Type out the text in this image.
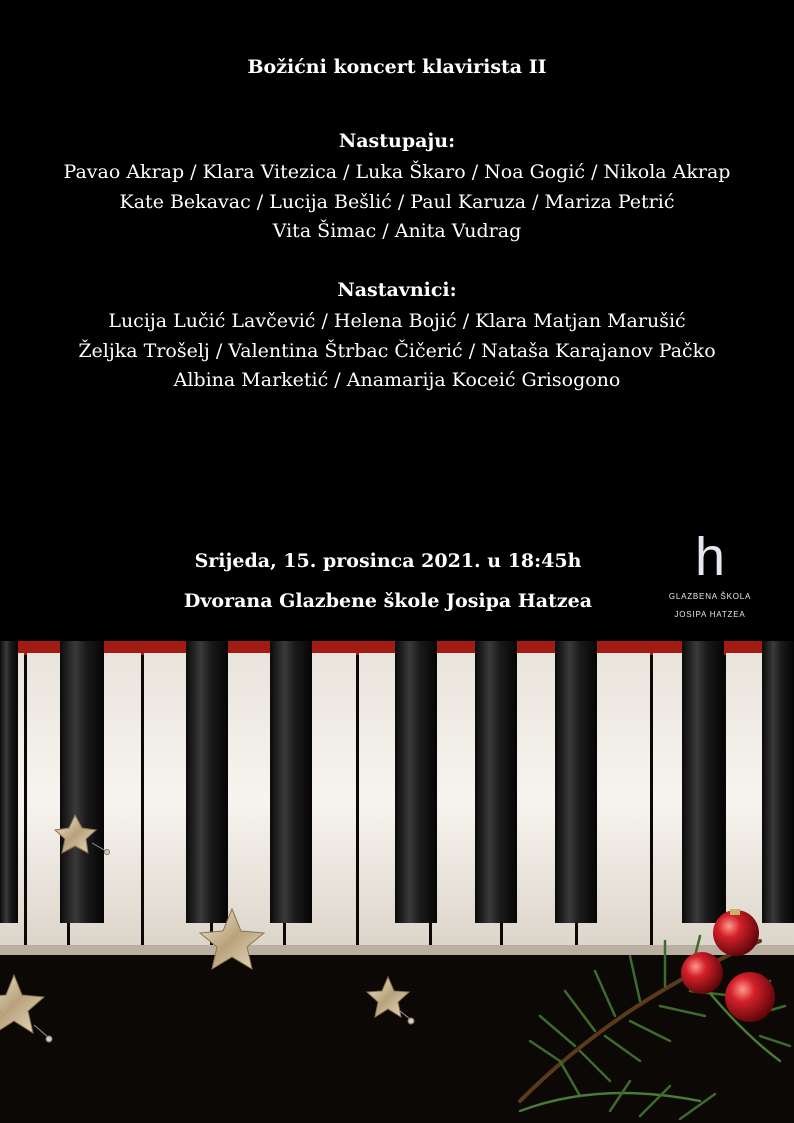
Božićni koncert klavirista II
Nastupaju:
Pavao Akrap / Klara Vitezica / Luka Škaro / Noa Gogić / Nikola Akrap
Kate Bekavac / Lucija Bešlić / Paul Karuza / Mariza Petrić
Vita Šimac / Anita Vudrag
Nastavnici:
Lucija Lučić Lavčević / Helena Bojić / Klara Matjan Marušić
Željka Trošelj / Valentina Štrbac Čičerić / Nataša Karajanov Pačko
Albina Marketić / Anamarija Koceić Grisogono
Srijeda, 15. prosinca 2021. u 18:45h
Dvorana Glazbene škole Josipa Hatzea
h
GLAZBENA ŠKOLA
JOSIPA HATZEA
